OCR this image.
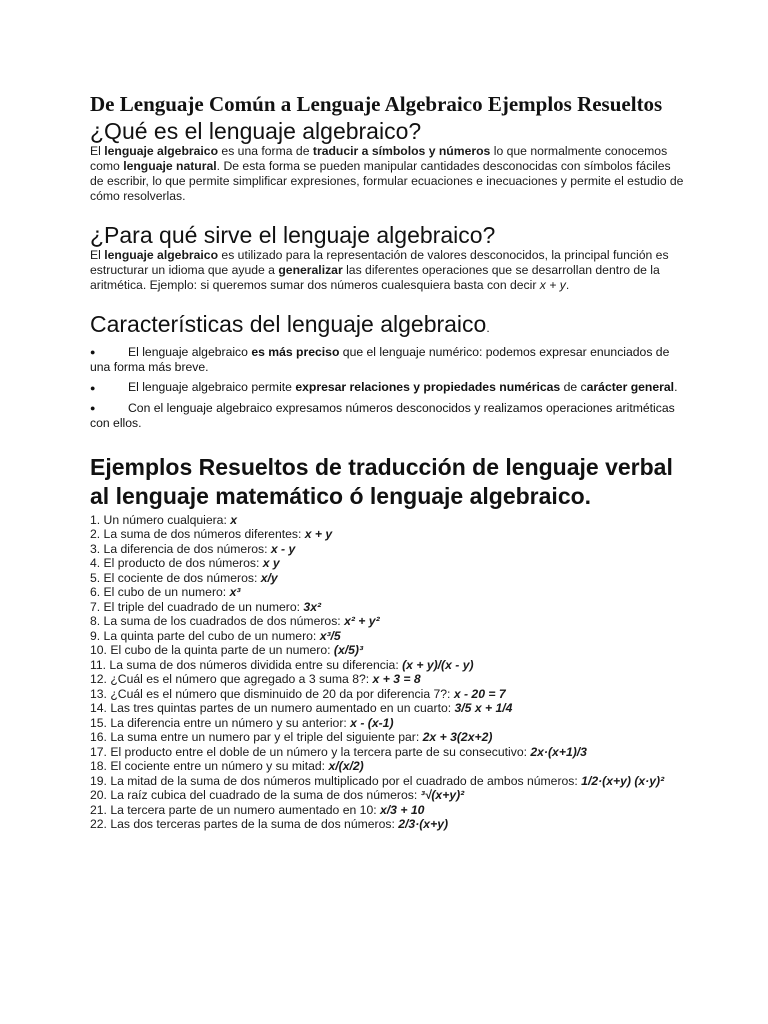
De Lenguaje Común a Lenguaje Algebraico Ejemplos Resueltos
¿Qué es el lenguaje algebraico?

El lenguaje algebraico es una forma de traducir a símbolos y números lo que normalmente conocemos como lenguaje natural. De esta forma se pueden manipular cantidades desconocidas con símbolos fáciles de escribir, lo que permite simplificar expresiones, formular ecuaciones e inecuaciones y permite el estudio de cómo resolverlas.

¿Para qué sirve el lenguaje algebraico?

El lenguaje algebraico es utilizado para la representación de valores desconocidos, la principal función es estructurar un idioma que ayude a generalizar las diferentes operaciones que se desarrollan dentro de la aritmética. Ejemplo: si queremos sumar dos números cualesquiera basta con decir x + y.

Características del lenguaje algebraico.
●	El lenguaje algebraico es más preciso que el lenguaje numérico: podemos expresar enunciados de una forma más breve.
●	El lenguaje algebraico permite expresar relaciones y propiedades numéricas de carácter general.
●	Con el lenguaje algebraico expresamos números desconocidos y realizamos operaciones aritméticas con ellos.
Ejemplos Resueltos de traducción de lenguaje verbal al lenguaje matemático ó lenguaje algebraico.
1. Un número cualquiera: x
2. La suma de dos números diferentes: x + y
3. La diferencia de dos números: x - y
4. El producto de dos números: x y
5. El cociente de dos números: x/y
6. El cubo de un numero: x³
7. El triple del cuadrado de un numero: 3x²
8. La suma de los cuadrados de dos números: x² + y²
9. La quinta parte del cubo de un numero: x³/5
10. El cubo de la quinta parte de un numero: (x/5)³
11. La suma de dos números dividida entre su diferencia: (x + y)/(x - y)
12. ¿Cuál es el número que agregado a 3 suma 8?: x + 3 = 8
13. ¿Cuál es el número que disminuido de 20 da por diferencia 7?: x - 20 = 7
14. Las tres quintas partes de un numero aumentado en un cuarto: 3/5 x + 1/4
15. La diferencia entre un número y su anterior: x - (x-1)
16. La suma entre un numero par y el triple del siguiente par: 2x + 3(2x+2)
17. El producto entre el doble de un número y la tercera parte de su consecutivo: 2x·(x+1)/3
18. El cociente entre un número y su mitad: x/(x/2)
19. La mitad de la suma de dos números multiplicado por el cuadrado de ambos números: 1/2·(x+y) (x·y)²
20. La raíz cubica del cuadrado de la suma de dos números: ³√(x+y)²
21. La tercera parte de un numero aumentado en 10: x/3 + 10
22. Las dos terceras partes de la suma de dos números: 2/3·(x+y)
